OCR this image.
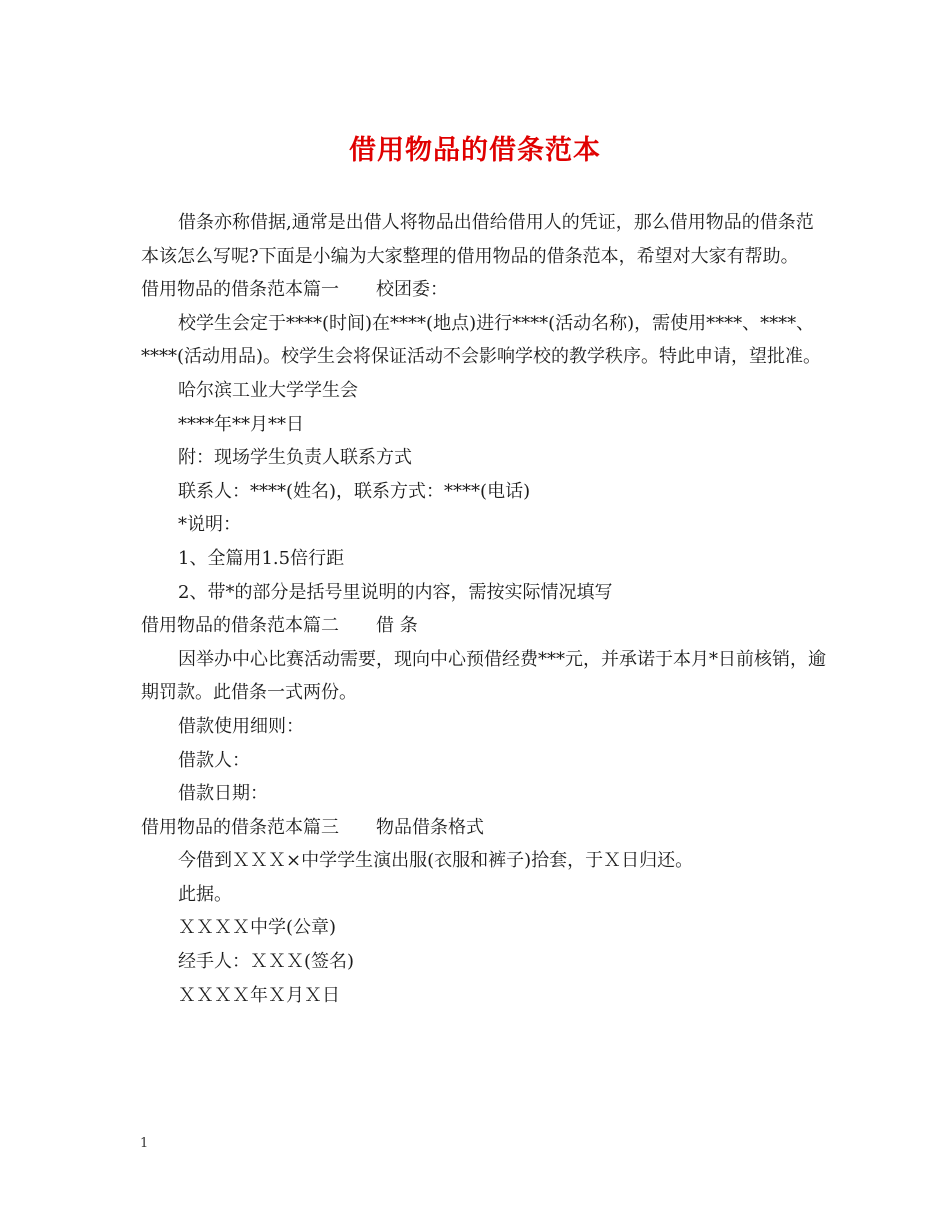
借用物品的借条范本

借条亦称借据,通常是出借人将物品出借给借用人的凭证，那么借用物品的借条范本该怎么写呢?下面是小编为大家整理的借用物品的借条范本，希望对大家有帮助。

借用物品的借条范本篇一 校团委：

校学生会定于****(时间)在****(地点)进行****(活动名称)，需使用****、****、****(活动用品)。校学生会将保证活动不会影响学校的教学秩序。特此申请，望批准。

哈尔滨工业大学学生会

****年**月**日

附：现场学生负责人联系方式

联系人：****(姓名)，联系方式：****(电话)

*说明：

1、全篇用1.5倍行距

2、带*的部分是括号里说明的内容，需按实际情况填写

借用物品的借条范本篇二 借 条

因举办中心比赛活动需要，现向中心预借经费***元，并承诺于本月*日前核销，逾期罚款。此借条一式两份。

借款使用细则：

借款人：

借款日期：

借用物品的借条范本篇三 物品借条格式

今借到ＸＸＸ×中学学生演出服(衣服和裤子)拾套，于Ｘ日归还。

此据。

ＸＸＸＸ中学(公章)

经手人：ＸＸＸ(签名)

ＸＸＸＸ年Ｘ月Ｘ日

1
